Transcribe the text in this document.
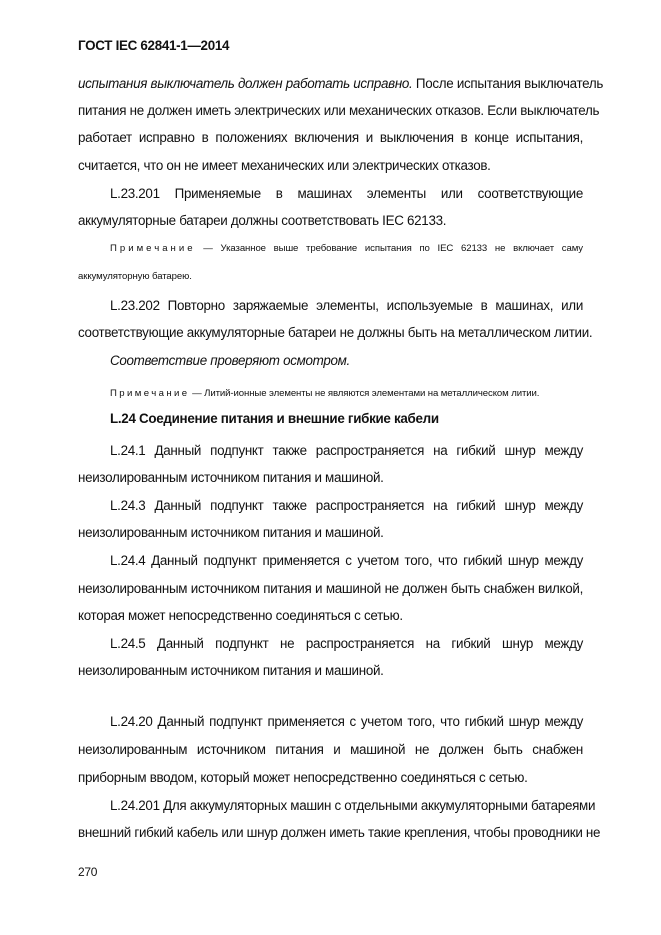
ГОСТ IEC 62841-1—2014
испытания выключатель должен работать исправно. После испытания выключатель
питания не должен иметь электрических или механических отказов. Если выключатель
работает исправно в положениях включения и выключения в конце испытания,
считается, что он не имеет механических или электрических отказов.
L.23.201 Применяемые в машинах элементы или соответствующие
аккумуляторные батареи должны соответствовать IEC 62133.
Примечание — Указанное выше требование испытания по IEC 62133 не включает саму
аккумуляторную батарею.
L.23.202 Повторно заряжаемые элементы, используемые в машинах, или
соответствующие аккумуляторные батареи не должны быть на металлическом литии.
Соответствие проверяют осмотром.
Примечание — Литий-ионные элементы не являются элементами на металлическом литии.
L.24 Соединение питания и внешние гибкие кабели
L.24.1 Данный подпункт также распространяется на гибкий шнур между
неизолированным источником питания и машиной.
L.24.3 Данный подпункт также распространяется на гибкий шнур между
неизолированным источником питания и машиной.
L.24.4 Данный подпункт применяется с учетом того, что гибкий шнур между
неизолированным источником питания и машиной не должен быть снабжен вилкой,
которая может непосредственно соединяться с сетью.
L.24.5 Данный подпункт не распространяется на гибкий шнур между
неизолированным источником питания и машиной.
L.24.20 Данный подпункт применяется с учетом того, что гибкий шнур между
неизолированным источником питания и машиной не должен быть снабжен
приборным вводом, который может непосредственно соединяться с сетью.
L.24.201 Для аккумуляторных машин с отдельными аккумуляторными батареями
внешний гибкий кабель или шнур должен иметь такие крепления, чтобы проводники не
270
